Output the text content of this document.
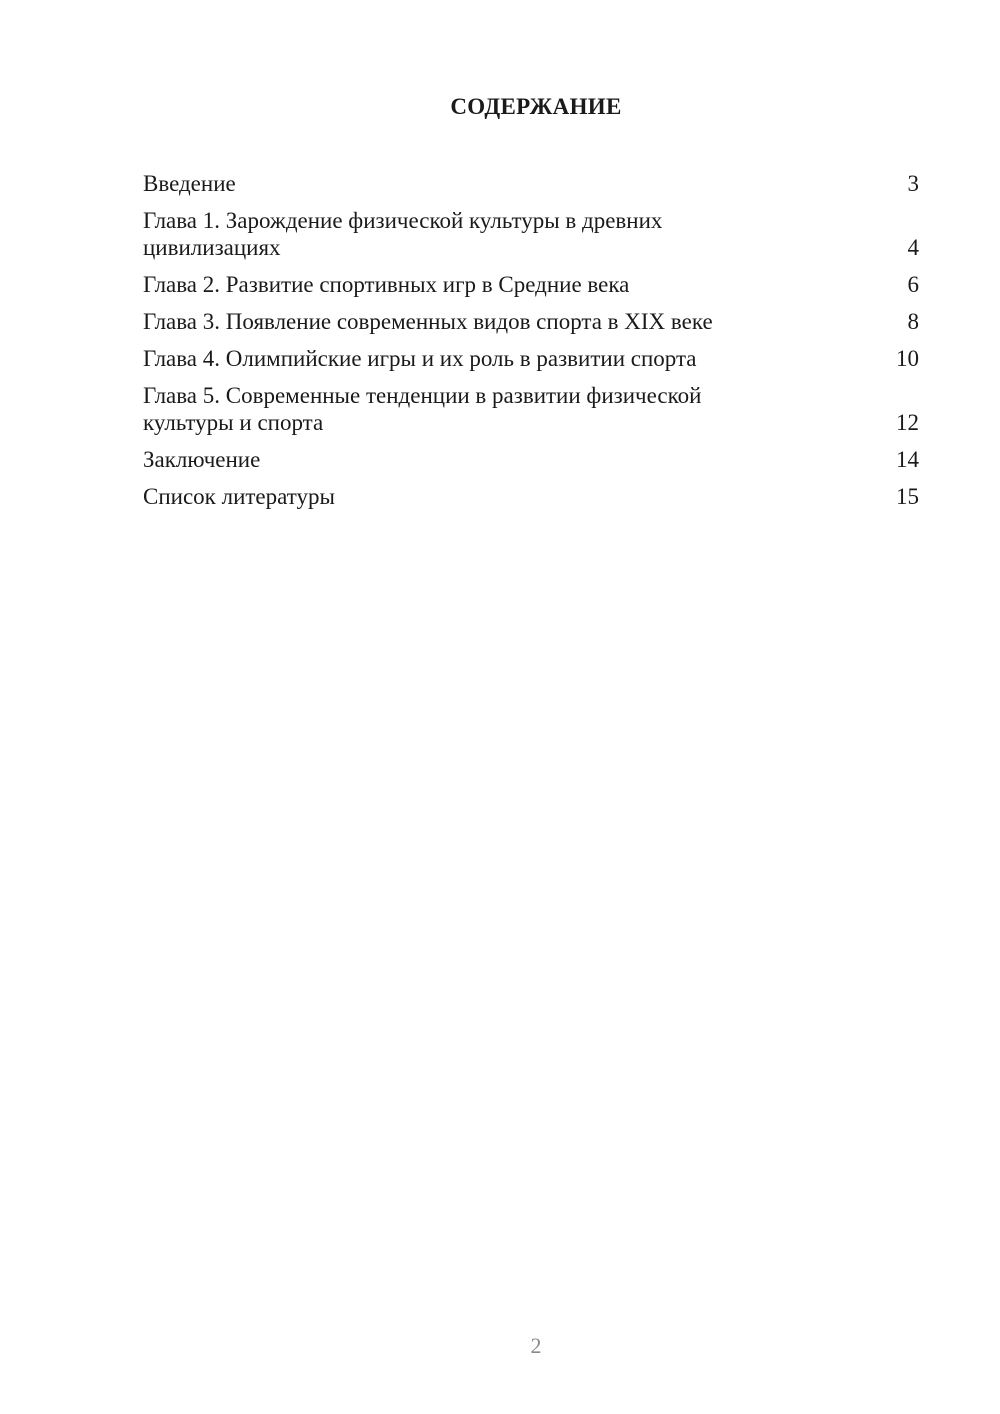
СОДЕРЖАНИЕ
Введение	3
Глава 1. Зарождение физической культуры в древних цивилизациях	4
Глава 2. Развитие спортивных игр в Средние века	6
Глава 3. Появление современных видов спорта в XIX веке	8
Глава 4. Олимпийские игры и их роль в развитии спорта	10
Глава 5. Современные тенденции в развитии физической культуры и спорта	12
Заключение	14
Список литературы	15
2
